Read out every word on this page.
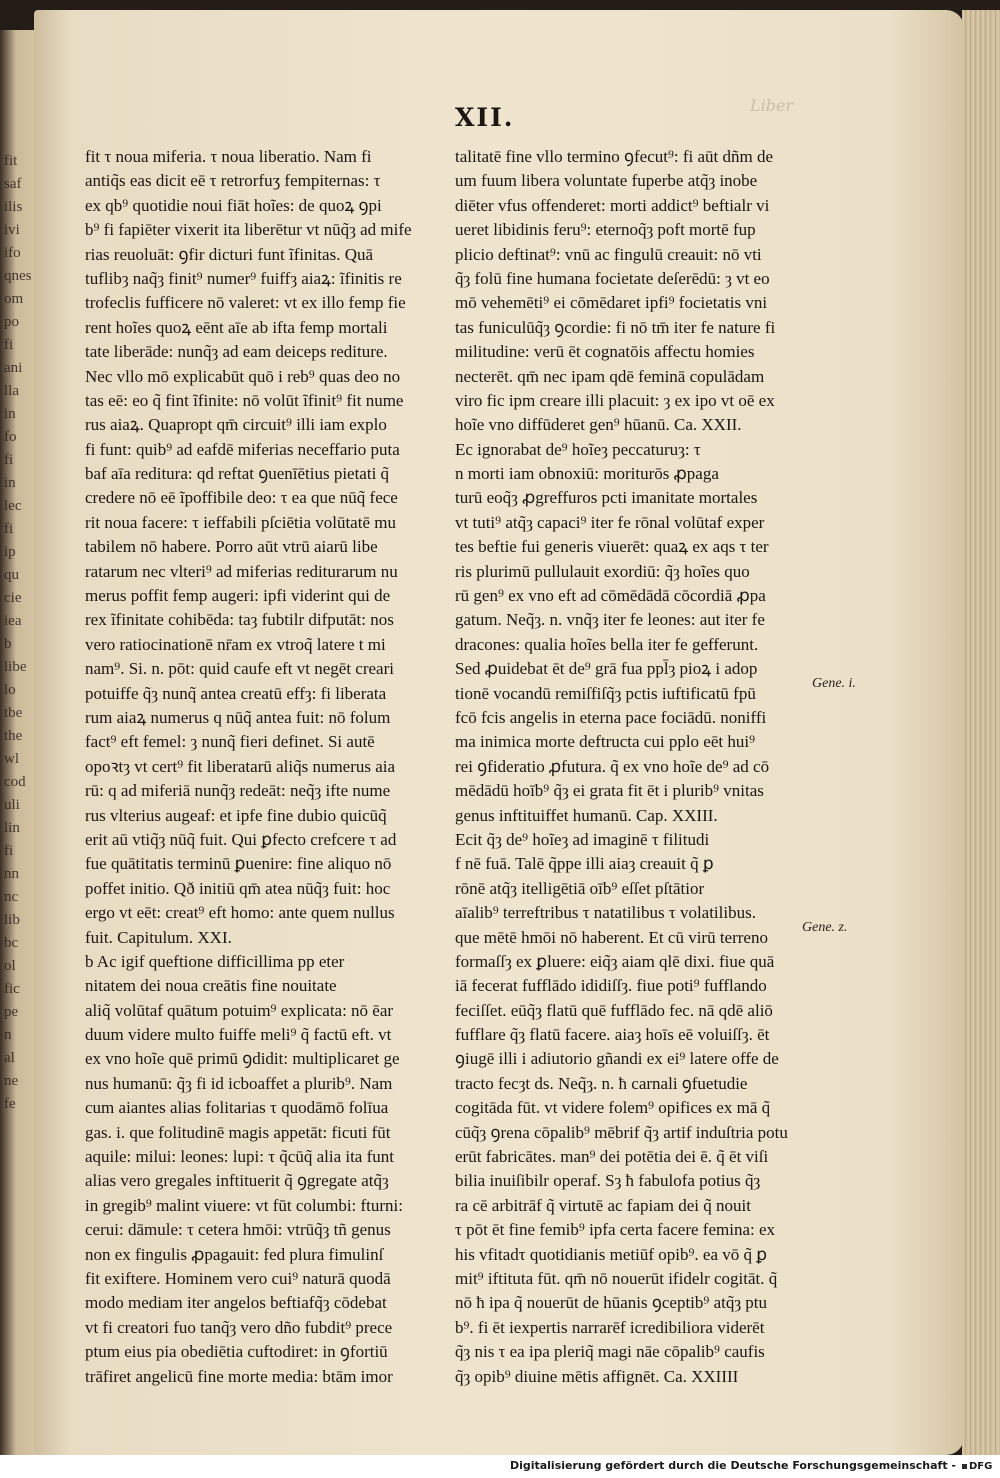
fit
saf
ilis
ivi
ifo
qnes
om
po
fi
ani
lla
in
fo
fi
in
lec
fi
ip
qu
cie
iea
b
libe
lo
tbe
the
wl
cod
uli
lin
fi
nn
nc
lib
bc
ol
fic
pe
n
al
ne
fe
Liber
XII.
fit τ noua miferia. τ noua liberatio. Nam fi
antiq̃s eas dicit eē τ retrorfuʒ fempiternas: τ
ex qb⁹ quotidie noui fiāt hoĩes: de quoꝝ ꝯpi
b⁹ fi fapiēter vixerit ita liberētur vt nūq̃ȝ ad mife
rias reuoluāt: ꝯfir dicturi funt ĩfinitas. Quā
tuflibȝ naq̃ȝ finit⁹ numer⁹ fuiffȝ aiaꝝ: ĩfinitis re
trofeclis fufficere nō valeret: vt ex illo femp fie
rent hoĩes quoꝝ eēnt aīe ab ifta femp mortali
tate liberāde: nunq̃ȝ ad eam deiceps rediture.
Nec vllo mō explicabūt quō i reb⁹ quas deo no
tas eē: eo q̃ fint ĩfinite: nō volūt ĩfinit⁹ fit nume
rus aiaꝝ. Quapropt qm̄ circuit⁹ illi iam explo
fi funt: quib⁹ ad eafdē miferias neceffario puta
baf aīa reditura: qd reftat ꝯuenīētius pietati q̃
credere nō eē ĩpoffibile deo: τ ea que nūq̃ fece
rit noua facere: τ ieffabili pſciētia volūtatē mu
tabilem nō habere. Porro aūt vtrū aiarū libe
ratarum nec vlteri⁹ ad miferias rediturarum nu
merus poffit femp augeri: ipfi viderint qui de
rex ĩfinitate cohibēda: taȝ fubtilr difputāt: nos
vero ratiocinationē nr̄am ex vtroq̃ latere t mi
nam⁹. Si. n. pōt: quid caufe eft vt negēt creari
potuiffe q̃ȝ nunq̃ antea creatū effȝ: fi liberata
rum aiaꝝ numerus q nūq̃ antea fuit: nō folum
fact⁹ eft femel: ȝ nunq̃ fieri definet. Si autē
opoꝛtȝ vt cert⁹ fit liberatarū aliq̃s numerus aia
rū: q ad miferiā nunq̃ȝ redeāt: neq̃ȝ ifte nume
rus vlterius augeaf: et ipfe fine dubio quicūq̃
erit aū vtiq̃ȝ nūq̃ fuit. Qui ꝑfecto crefcere τ ad
fue quātitatis terminū ꝑuenire: fine aliquo nō
poffet initio. Qð initiū qm̄ atea nūq̃ȝ fuit: hoc
ergo vt eēt: creat⁹ eft homo: ante quem nullus
fuit. Capitulum. XXI.
b Ac igif queftione difficillima pp eter
nitatem dei noua creātis fine nouitate
aliq̃ volūtaf quātum potuim⁹ explicata: nō ēar
duum videre multo fuiffe meli⁹ q̃ factū eft. vt
ex vno hoĩe quē primū ꝯdidit: multiplicaret ge
nus humanū: q̃ȝ fi id icboaffet a plurib⁹. Nam
cum aiantes alias folitarias τ quodāmō folīua
gas. i. que folitudinē magis appetāt: ficuti fūt
aquile: milui: leones: lupi: τ q̃cūq̃ alia ita funt
alias vero gregales inftituerit q̃ ꝯgregate atq̃ȝ
in gregib⁹ malint viuere: vt fūt columbi: fturni:
cerui: dāmule: τ cetera hmōi: vtrūq̃ȝ tñ genus
non ex fingulis ꝓpagauit: fed plura fimulinſ
fit exiftere. Hominem vero cui⁹ naturā quodā
modo mediam iter angelos beftiafq̃ȝ cōdebat
vt fi creatori fuo tanq̃ȝ vero dño fubdit⁹ prece
ptum eius pia obediētia cuftodiret: in ꝯfortiū
trāfiret angelicū fine morte media: btām imor
talitatē fine vllo termino ꝯfecut⁹: fi aūt dñm de
um fuum libera voluntate fuperbe atq̃ȝ inobe
diēter vfus offenderet: morti addict⁹ beftialr vi
ueret libidinis feru⁹: eternoq̃ȝ poft mortē fup
plicio deftinat⁹: vnū ac fingulū creauit: nō vti
q̃ȝ folū fine humana focietate deſerēdū: ȝ vt eo
mō vehemēti⁹ ei cōmēdaret ipfi⁹ focietatis vni
tas funiculūq̃ȝ ꝯcordie: fi nō tm̄ iter fe nature fi
militudine: verū ēt cognatōis affectu homies
necterēt. qm̄ nec ipam qdē feminā copulādam
viro fic ipm creare illi placuit: ȝ ex ipo vt oē ex
hoĩe vno diffūderet gen⁹ hūanū. Ca. XXII.
Ec ignorabat de⁹ hoĩeȝ peccaturuȝ: τ
n morti iam obnoxiū: moriturōs ꝓpaga
turū eoq̃ȝ ꝓgreffuros pcti imanitate mortales
vt tuti⁹ atq̃ȝ capaci⁹ iter fe rōnal volūtaf exper
tes beftie fui generis viuerēt: quaꝝ ex aqs τ ter
ris plurimū pullulauit exordiū: q̃ȝ hoĩes quo
rū gen⁹ ex vno eft ad cōmēdādā cōcordiā ꝓpa
gatum. Neq̃ȝ. n. vnq̃ȝ iter fe leones: aut iter fe
dracones: qualia hoĩes bella iter fe gefferunt.
Sed ꝓuidebat ēt de⁹ grā fua ppl̄ȝ pioꝝ i adop
tionē vocandū remiſfiſq̃ȝ pctis iuftificatū fpū
fcō fcis angelis in eterna pace fociādū. noniffi
ma inimica morte deftructa cui pplo eēt hui⁹
rei ꝯfideratio ꝓfutura. q̃ ex vno hoĩe de⁹ ad cō
mēdādū hoīb⁹ q̃ȝ ei grata fit ēt i plurib⁹ vnitas
genus inftituiffet humanū. Cap. XXIII.
Ecit q̃ȝ de⁹ hoĩeȝ ad imaginē τ filitudi
f nē fuā. Talē q̃ppe illi aiaȝ creauit q̃ ꝑ
rōnē atq̃ȝ itelligētiā oīb⁹ eſſet pſtātior
aīalib⁹ terreftribus τ natatilibus τ volatilibus.
que mētē hmōi nō haberent. Et cū virū terreno
formaſſȝ ex ꝑluere: eiq̃ȝ aiam qlē dixi. fiue quā
iā fecerat fufflādo ididiſſȝ. fiue poti⁹ fufflando
feciſſet. eūq̃ȝ flatū quē fufflādo fec. nā qdē aliō
fufflare q̃ȝ flatū facere. aiaȝ hoīs eē voluiſſȝ. ēt
ꝯiugē illi i adiutorio gñandi ex ei⁹ latere offe de
tracto fecȝt ds. Neq̃ȝ. n. ħ carnali ꝯfuetudie
cogitāda fūt. vt videre folem⁹ opifices ex mā q̃
cūq̃ȝ ꝯrena cōpalib⁹ mēbrif q̃ȝ artif induſtria potu
erūt fabricātes. man⁹ dei potētia dei ē. q̃ ēt viſi
bilia inuiſibilr operaf. Sȝ ħ fabulofa potius q̃ȝ
ra cē arbitrāf q̃ virtutē ac fapiam dei q̃ nouit
τ pōt ēt fine femib⁹ ipfa certa facere femina: ex
his vfitadτ quotidianis metiūf opib⁹. ea vō q̃ ꝑ
mit⁹ iftituta fūt. qm̄ nō nouerūt ifidelr cogitāt. q̃
nō ħ ipa q̃ nouerūt de hūanis ꝯceptib⁹ atq̃ȝ ptu
b⁹. fi ēt iexpertis narrarēf icredibiliora viderēt
q̃ȝ nis τ ea ipa pleriq̃ magi nāe cōpalib⁹ caufis
q̃ȝ opib⁹ diuine mētis affignēt. Ca. XXIIII
Gene. i.
Gene. z.
Digitalisierung gefördert durch die Deutsche Forschungsgemeinschaft - DFG
